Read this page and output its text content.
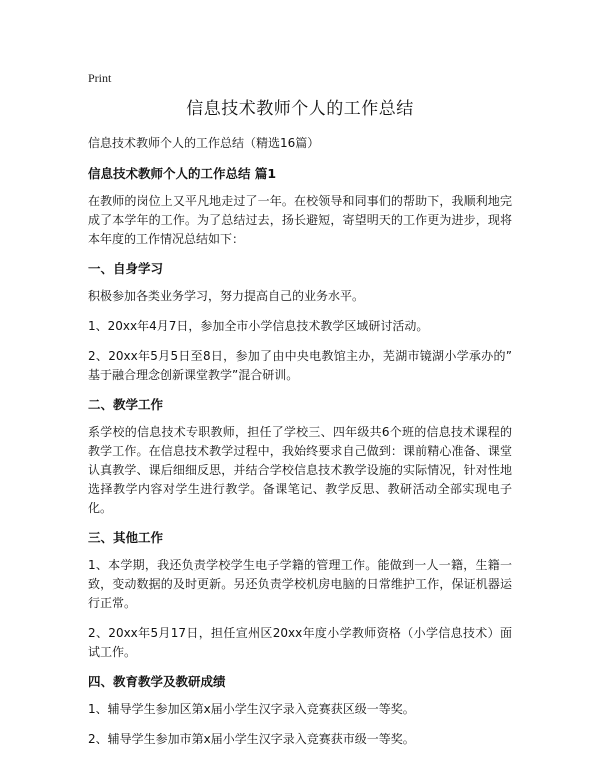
Print
信息技术教师个人的工作总结
信息技术教师个人的工作总结（精选16篇）
信息技术教师个人的工作总结 篇1
在教师的岗位上又平凡地走过了一年。在校领导和同事们的帮助下，我顺利地完成了本学年的工作。为了总结过去，扬长避短，寄望明天的工作更为进步，现将本年度的工作情况总结如下：
一、自身学习
积极参加各类业务学习，努力提高自己的业务水平。
1、20xx年4月7日，参加全市小学信息技术教学区域研讨活动。
2、20xx年5月5日至8日，参加了由中央电教馆主办，芜湖市镜湖小学承办的” 基于融合理念创新课堂教学”混合研训。
二、教学工作
系学校的信息技术专职教师，担任了学校三、四年级共6个班的信息技术课程的教学工作。在信息技术教学过程中，我始终要求自己做到：课前精心准备、课堂认真教学、课后细细反思，并结合学校信息技术教学设施的实际情况，针对性地选择教学内容对学生进行教学。备课笔记、教学反思、教研活动全部实现电子化。
三、其他工作
1、本学期，我还负责学校学生电子学籍的管理工作。能做到一人一籍，生籍一致，变动数据的及时更新。另还负责学校机房电脑的日常维护工作，保证机器运行正常。
2、20xx年5月17日，担任宣州区20xx年度小学教师资格（小学信息技术）面试工作。
四、教育教学及教研成绩
1、辅导学生参加区第x届小学生汉字录入竞赛获区级一等奖。
2、辅导学生参加市第x届小学生汉字录入竞赛获市级一等奖。
